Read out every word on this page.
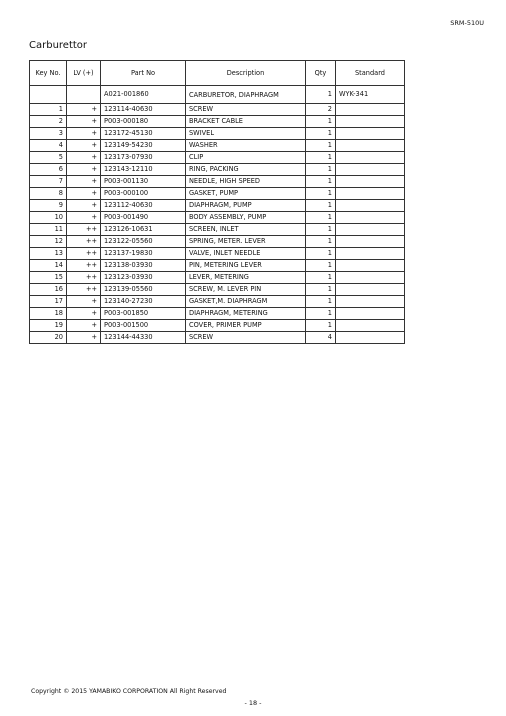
SRM-510U
Carburettor
Key No.	LV (+)	Part No	Description	Qty	Standard
		A021-001860	CARBURETOR, DIAPHRAGM	1	WYK-341
1	+	123114-40630	SCREW	2	
2	+	P003-000180	BRACKET CABLE	1	
3	+	123172-45130	SWIVEL	1	
4	+	123149-54230	WASHER	1	
5	+	123173-07930	CLIP	1	
6	+	123143-12110	RING, PACKING	1	
7	+	P003-001130	NEEDLE, HIGH SPEED	1	
8	+	P003-000100	GASKET, PUMP	1	
9	+	123112-40630	DIAPHRAGM, PUMP	1	
10	+	P003-001490	BODY ASSEMBLY, PUMP	1	
11	++	123126-10631	SCREEN, INLET	1	
12	++	123122-05560	SPRING, METER. LEVER	1	
13	++	123137-19830	VALVE, INLET NEEDLE	1	
14	++	123138-03930	PIN, METERING LEVER	1	
15	++	123123-03930	LEVER, METERING	1	
16	++	123139-05560	SCREW, M. LEVER PIN	1	
17	+	123140-27230	GASKET,M. DIAPHRAGM	1	
18	+	P003-001850	DIAPHRAGM, METERING	1	
19	+	P003-001500	COVER, PRIMER PUMP	1	
20	+	123144-44330	SCREW	4	
Copyright © 2015 YAMABIKO CORPORATION All Right Reserved
- 18 -
